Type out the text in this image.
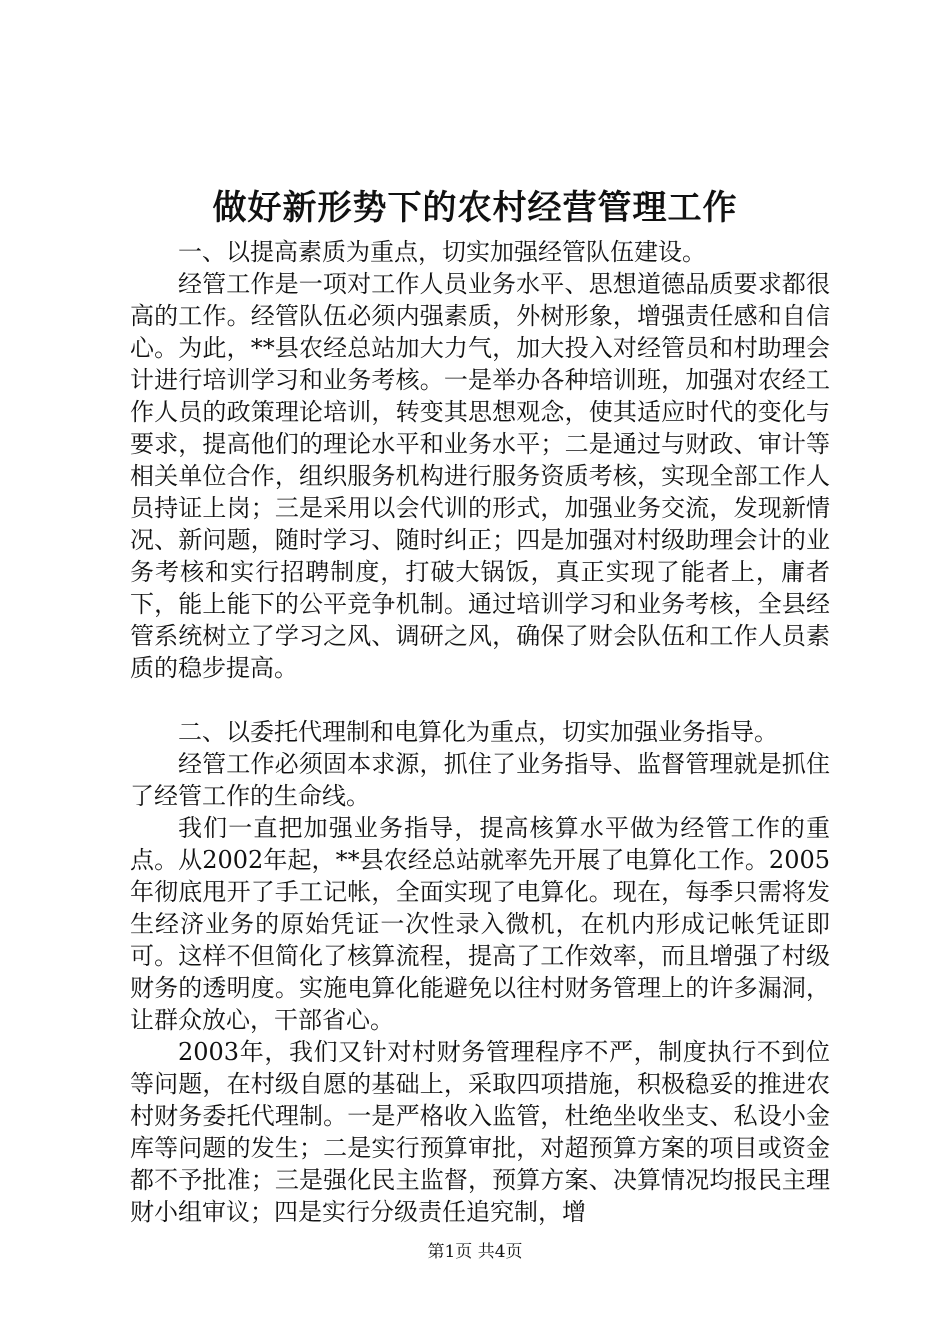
做好新形势下的农村经营管理工作

一、以提高素质为重点，切实加强经管队伍建设。

经管工作是一项对工作人员业务水平、思想道德品质要求都很高的工作。经管队伍必须内强素质，外树形象，增强责任感和自信心。为此，**县农经总站加大力气，加大投入对经管员和村助理会计进行培训学习和业务考核。一是举办各种培训班，加强对农经工作人员的政策理论培训，转变其思想观念，使其适应时代的变化与要求，提高他们的理论水平和业务水平；二是通过与财政、审计等相关单位合作，组织服务机构进行服务资质考核，实现全部工作人员持证上岗；三是采用以会代训的形式，加强业务交流，发现新情况、新问题，随时学习、随时纠正；四是加强对村级助理会计的业务考核和实行招聘制度，打破大锅饭，真正实现了能者上，庸者下，能上能下的公平竞争机制。通过培训学习和业务考核，全县经管系统树立了学习之风、调研之风，确保了财会队伍和工作人员素质的稳步提高。

二、以委托代理制和电算化为重点，切实加强业务指导。

经管工作必须固本求源，抓住了业务指导、监督管理就是抓住了经管工作的生命线。

我们一直把加强业务指导，提高核算水平做为经管工作的重点。从2002年起，**县农经总站就率先开展了电算化工作。2005年彻底甩开了手工记帐，全面实现了电算化。现在，每季只需将发生经济业务的原始凭证一次性录入微机，在机内形成记帐凭证即可。这样不但简化了核算流程，提高了工作效率，而且增强了村级财务的透明度。实施电算化能避免以往村财务管理上的许多漏洞，让群众放心，干部省心。

2003年，我们又针对村财务管理程序不严，制度执行不到位等问题，在村级自愿的基础上，采取四项措施，积极稳妥的推进农村财务委托代理制。一是严格收入监管，杜绝坐收坐支、私设小金库等问题的发生；二是实行预算审批，对超预算方案的项目或资金都不予批准；三是强化民主监督，预算方案、决算情况均报民主理财小组审议；四是实行分级责任追究制，增

第1页 共4页
